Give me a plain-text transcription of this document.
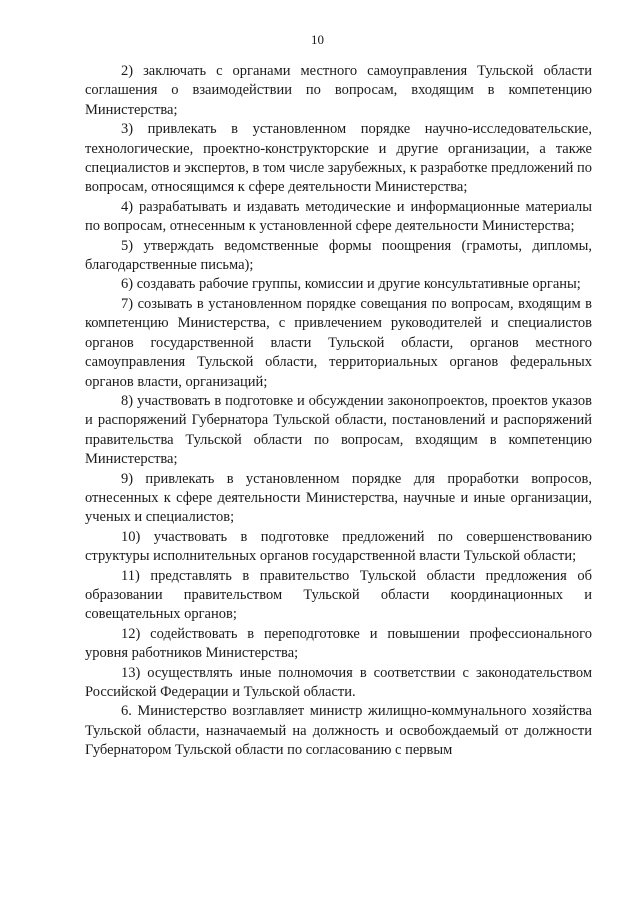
10

2) заключать с органами местного самоуправления Тульской области соглашения о взаимодействии по вопросам, входящим в компетенцию Министерства;

3) привлекать в установленном порядке научно-исследовательские, технологические, проектно-конструкторские и другие организации, а также специалистов и экспертов, в том числе зарубежных, к разработке предложений по вопросам, относящимся к сфере деятельности Министерства;

4) разрабатывать и издавать методические и информационные материалы по вопросам, отнесенным к установленной сфере деятельности Министерства;

5) утверждать ведомственные формы поощрения (грамоты, дипломы, благодарственные письма);

6) создавать рабочие группы, комиссии и другие консультативные органы;

7) созывать в установленном порядке совещания по вопросам, входящим в компетенцию Министерства, с привлечением руководителей и специалистов органов государственной власти Тульской области, органов местного самоуправления Тульской области, территориальных органов федеральных органов власти, организаций;

8) участвовать в подготовке и обсуждении законопроектов, проектов указов и распоряжений Губернатора Тульской области, постановлений и распоряжений правительства Тульской области по вопросам, входящим в компетенцию Министерства;

9) привлекать в установленном порядке для проработки вопросов, отнесенных к сфере деятельности Министерства, научные и иные организации, ученых и специалистов;

10) участвовать в подготовке предложений по совершенствованию структуры исполнительных органов государственной власти Тульской области;

11) представлять в правительство Тульской области предложения об образовании правительством Тульской области координационных и совещательных органов;

12) содействовать в переподготовке и повышении профессионального уровня работников Министерства;

13) осуществлять иные полномочия в соответствии с законодательством Российской Федерации и Тульской области.

6. Министерство возглавляет министр жилищно-коммунального хозяйства Тульской области, назначаемый на должность и освобождаемый от должности Губернатором Тульской области по согласованию с первым
